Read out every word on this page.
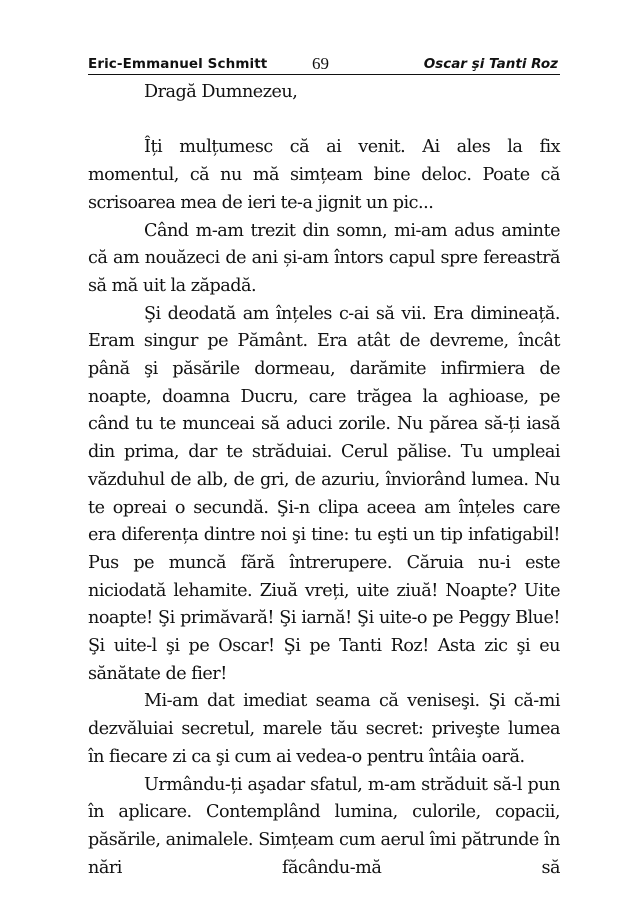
Eric-Emmanuel Schmitt	69	Oscar şi Tanti Roz

Dragă Dumnezeu,

Îți mulțumesc că ai venit. Ai ales la fix momentul, că nu mă simțeam bine deloc. Poate că scrisoarea mea de ieri te-a jignit un pic...

Când m-am trezit din somn, mi-am adus aminte că am nouăzeci de ani și-am întors capul spre fereastră să mă uit la zăpadă.

Şi deodată am înțeles c-ai să vii. Era dimineață. Eram singur pe Pământ. Era atât de devreme, încât până şi păsările dormeau, darămite infirmiera de noapte, doamna Ducru, care trăgea la aghioase, pe când tu te munceai să aduci zorile. Nu părea să-ți iasă din prima, dar te străduiai. Cerul pălise. Tu umpleai văzduhul de alb, de gri, de azuriu, înviorând lumea. Nu te opreai o secundă. Şi-n clipa aceea am înțeles care era diferența dintre noi şi tine: tu eşti un tip infatigabil! Pus pe muncă fără întrerupere. Căruia nu-i este niciodată lehamite. Ziuă vreți, uite ziuă! Noapte? Uite noapte! Şi primăvară! Şi iarnă! Şi uite-o pe Peggy Blue! Şi uite-l şi pe Oscar! Şi pe Tanti Roz! Asta zic şi eu sănătate de fier!

Mi-am dat imediat seama că veniseşi. Şi că-mi dezvăluiai secretul, marele tău secret: priveşte lumea în fiecare zi ca şi cum ai vedea-o pentru întâia oară.

Urmându-ți aşadar sfatul, m-am străduit să-l pun în aplicare. Contemplând lumina, culorile, copacii, păsările, animalele. Simțeam cum aerul îmi pătrunde în nări făcându-mă să
